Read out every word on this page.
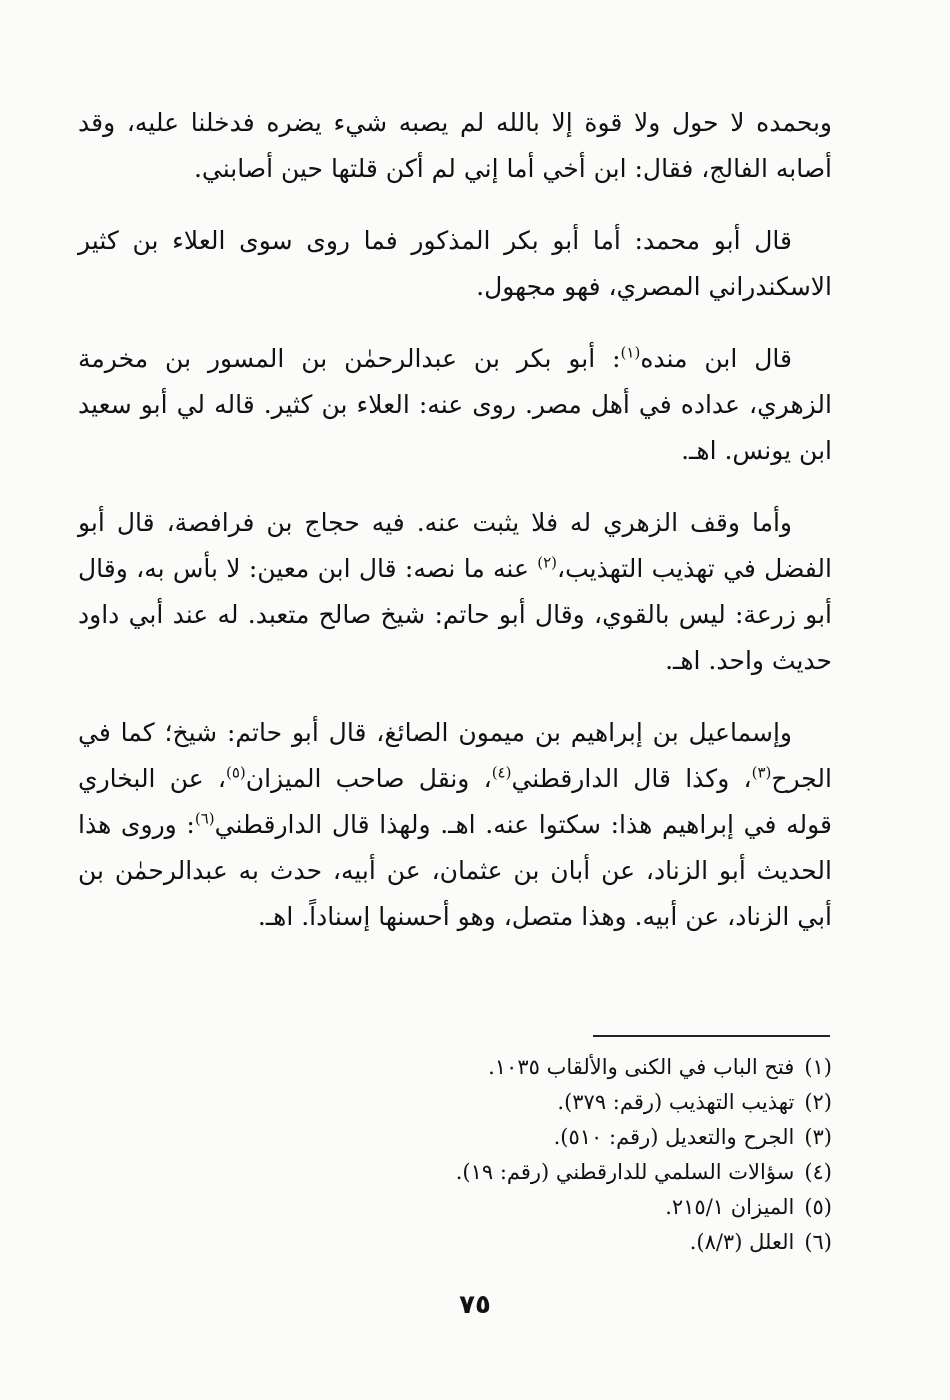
وبحمده لا حول ولا قوة إلا بالله لم يصبه شيء يضره فدخلنا عليه، وقد أصابه الفالج، فقال: ابن أخي أما إني لم أكن قلتها حين أصابني.

قال أبو محمد: أما أبو بكر المذكور فما روى سوى العلاء بن كثير الاسكندراني المصري، فهو مجهول.

قال ابن منده$^{(١)}$: أبو بكر بن عبدالرحمٰن بن المسور بن مخرمة الزهري، عداده في أهل مصر. روى عنه: العلاء بن كثير. قاله لي أبو سعيد ابن يونس. اهـ.

وأما وقف الزهري له فلا يثبت عنه. فيه حجاج بن فرافصة، قال أبو الفضل في تهذيب التهذيب،$^{(٢)}$ عنه ما نصه: قال ابن معين: لا بأس به، وقال أبو زرعة: ليس بالقوي، وقال أبو حاتم: شيخ صالح متعبد. له عند أبي داود حديث واحد. اهـ.

وإسماعيل بن إبراهيم بن ميمون الصائغ، قال أبو حاتم: شيخ؛ كما في الجرح$^{(٣)}$، وكذا قال الدارقطني$^{(٤)}$، ونقل صاحب الميزان$^{(٥)}$، عن البخاري قوله في إبراهيم هذا: سكتوا عنه. اهـ. ولهذا قال الدارقطني$^{(٦)}$: وروى هذا الحديث أبو الزناد، عن أبان بن عثمان، عن أبيه، حدث به عبدالرحمٰن بن أبي الزناد، عن أبيه. وهذا متصل، وهو أحسنها إسناداً. اهـ.

(١)فتح الباب في الكنى والألقاب ١٠٣٥.
(٢)تهذيب التهذيب (رقم: ٣٧٩).
(٣)الجرح والتعديل (رقم: ٥١٠).
(٤)سؤالات السلمي للدارقطني (رقم: ١٩).
(٥)الميزان ٢١٥/١.
(٦)العلل (٨/٣).
٧٥
